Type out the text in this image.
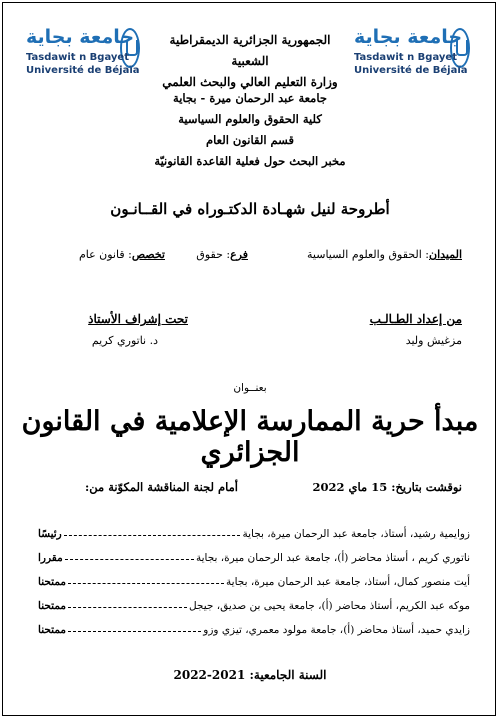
جامعة بجاية
Tasdawit n Bgayet
Université de Béjaïa
جامعة بجاية
Tasdawit n Bgayet
Université de Béjaïa
الجمهورية الجزائرية الديمقراطية الشعبية
وزارة التعليم العالي والبحث العلمي
جامعة عبد الرحمان ميرة - بجاية
كلية الحقوق والعلوم السياسية
قسم القانون العام
مخبر البحث حول فعلية القاعدة القانونيّة
أطروحة لنيل شهـادة الدكتـوراه في القــانـون
الميدان: الحقوق والعلوم السياسية
فرع: حقوق
تخصص: قانون عام
من إعداد الطـالـب
مزغيش وليد
تحت إشراف الأستاذ
د. ناتوري كريم
بعنــوان
مبدأ حرية الممارسة الإعلامية في القانون الجزائري
نوقشت بتاريخ: 15 ماي 2022
أمام لجنة المناقشة المكوّنة من:
زوايمية رشيد، أستاذ، جامعة عبد الرحمان ميرة، بجاية
رئيسًا
ناتوري كريم ، أستاذ محاضر (أ)، جامعة عبد الرحمان ميرة، بجاية
مقررا
أيت منصور كمال، أستاذ، جامعة عبد الرحمان ميرة، بجاية
ممتحنا
موكه عبد الكريم، أستاذ محاضر (أ)، جامعة يحيى بن صديق، جيجل
ممتحنا
زايدي حميد، أستاذ محاضر (أ)، جامعة مولود معمري، تيزي وزو
ممتحنا
السنة الجامعية: 2021-2022
